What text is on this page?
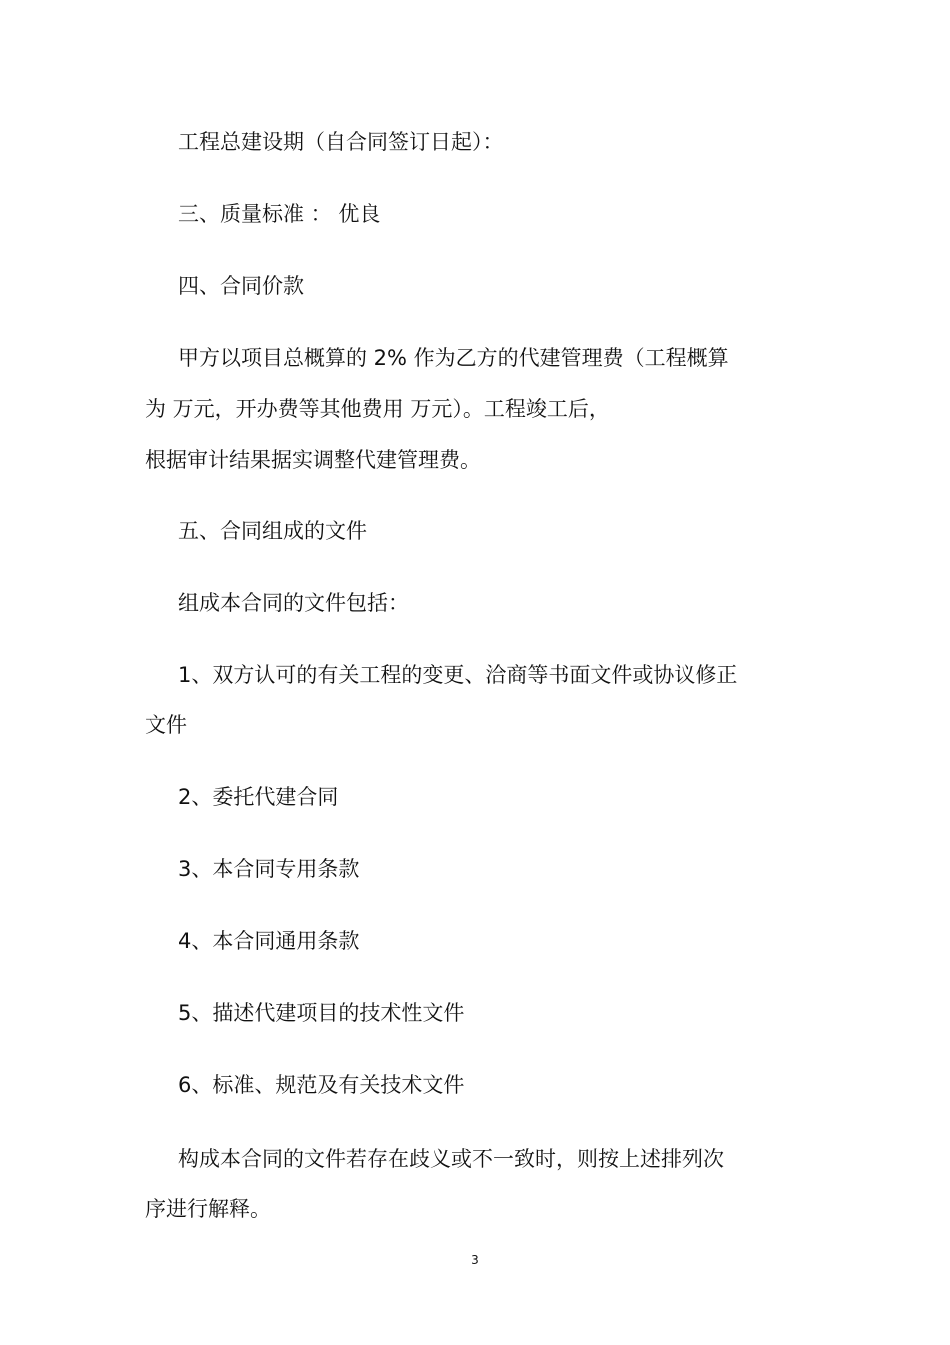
工程总建设期（自合同签订日起）：
三、质量标准 ： 优良
四、合同价款
甲方以项目总概算的 2% 作为乙方的代建管理费（工程概算
为 万元，开办费等其他费用 万元）。工程竣工后，
根据审计结果据实调整代建管理费。
五、合同组成的文件
组成本合同的文件包括：
1、双方认可的有关工程的变更、洽商等书面文件或协议修正
文件
2、委托代建合同
3、本合同专用条款
4、本合同通用条款
5、描述代建项目的技术性文件
6、标准、规范及有关技术文件
构成本合同的文件若存在歧义或不一致时，则按上述排列次
序进行解释。
3
